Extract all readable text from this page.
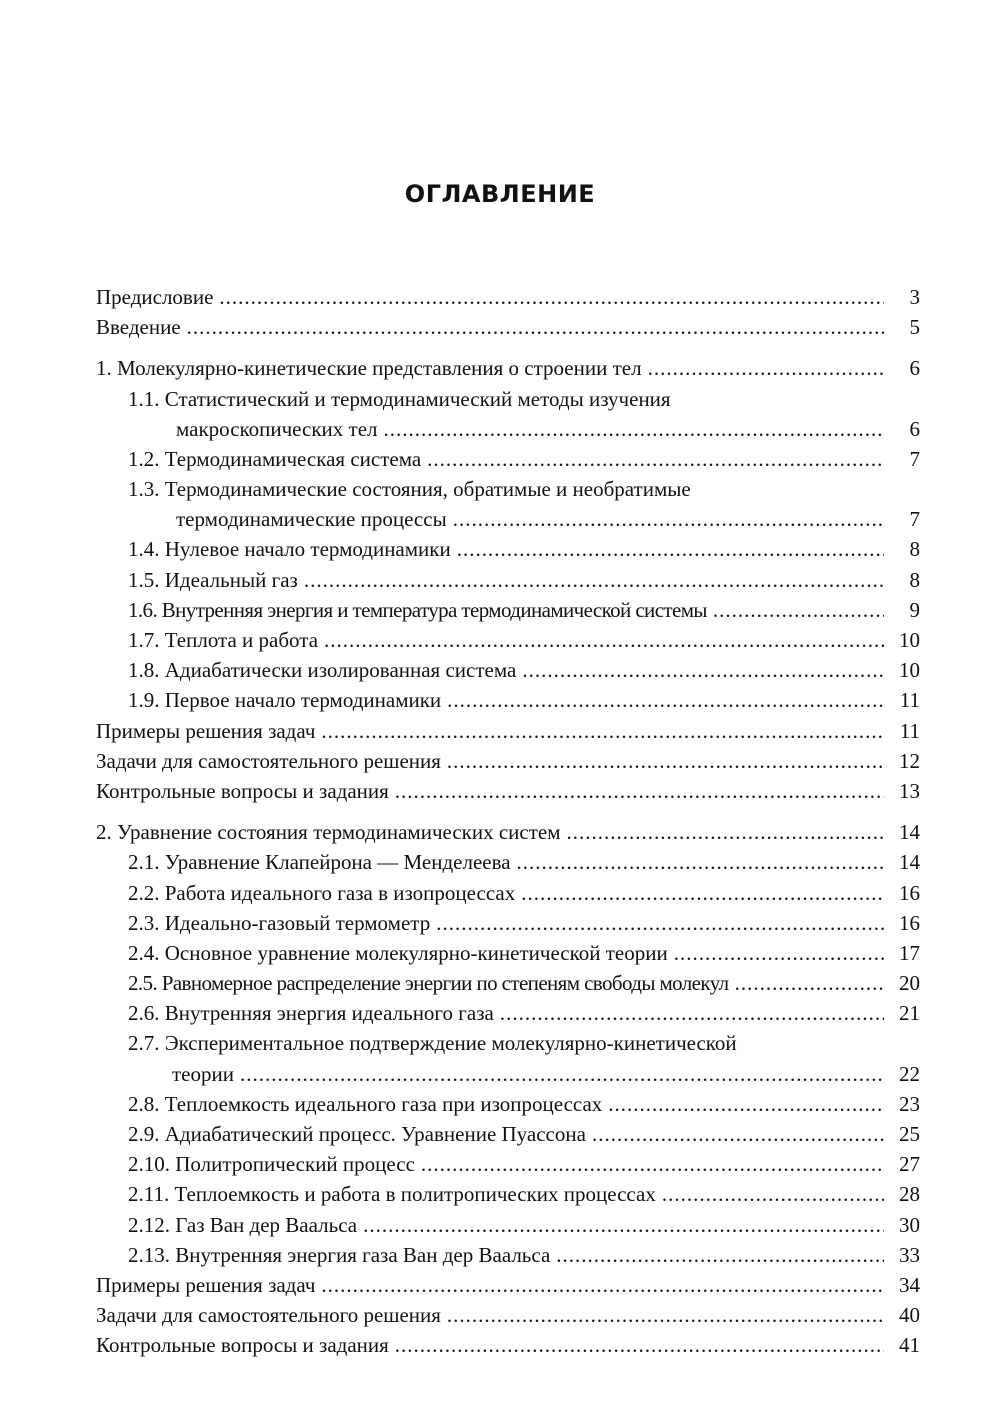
ОГЛАВЛЕНИЕ
Предисловие .....	3
Введение .....	5
1. Молекулярно-кинетические представления о строении тел .....	6
1.1. Статистический и термодинамический методы изучения
макроскопических тел .....	6
1.2. Термодинамическая система .....	7
1.3. Термодинамические состояния, обратимые и необратимые
термодинамические процессы .....	7
1.4. Нулевое начало термодинамики .....	8
1.5. Идеальный газ .....	8
1.6. Внутренняя энергия и температура термодинамической системы .....	9
1.7. Теплота и работа .....	10
1.8. Адиабатически изолированная система .....	10
1.9. Первое начало термодинамики .....	11
Примеры решения задач .....	11
Задачи для самостоятельного решения .....	12
Контрольные вопросы и задания .....	13
2. Уравнение состояния термодинамических систем .....	14
2.1. Уравнение Клапейрона — Менделеева .....	14
2.2. Работа идеального газа в изопроцессах .....	16
2.3. Идеально-газовый термометр .....	16
2.4. Основное уравнение молекулярно-кинетической теории .....	17
2.5. Равномерное распределение энергии по степеням свободы молекул .....	20
2.6. Внутренняя энергия идеального газа .....	21
2.7. Экспериментальное подтверждение молекулярно-кинетической
теории .....	22
2.8. Теплоемкость идеального газа при изопроцессах .....	23
2.9. Адиабатический процесс. Уравнение Пуассона .....	25
2.10. Политропический процесс .....	27
2.11. Теплоемкость и работа в политропических процессах .....	28
2.12. Газ Ван дер Ваальса .....	30
2.13. Внутренняя энергия газа Ван дер Ваальса .....	33
Примеры решения задач .....	34
Задачи для самостоятельного решения .....	40
Контрольные вопросы и задания .....	41
